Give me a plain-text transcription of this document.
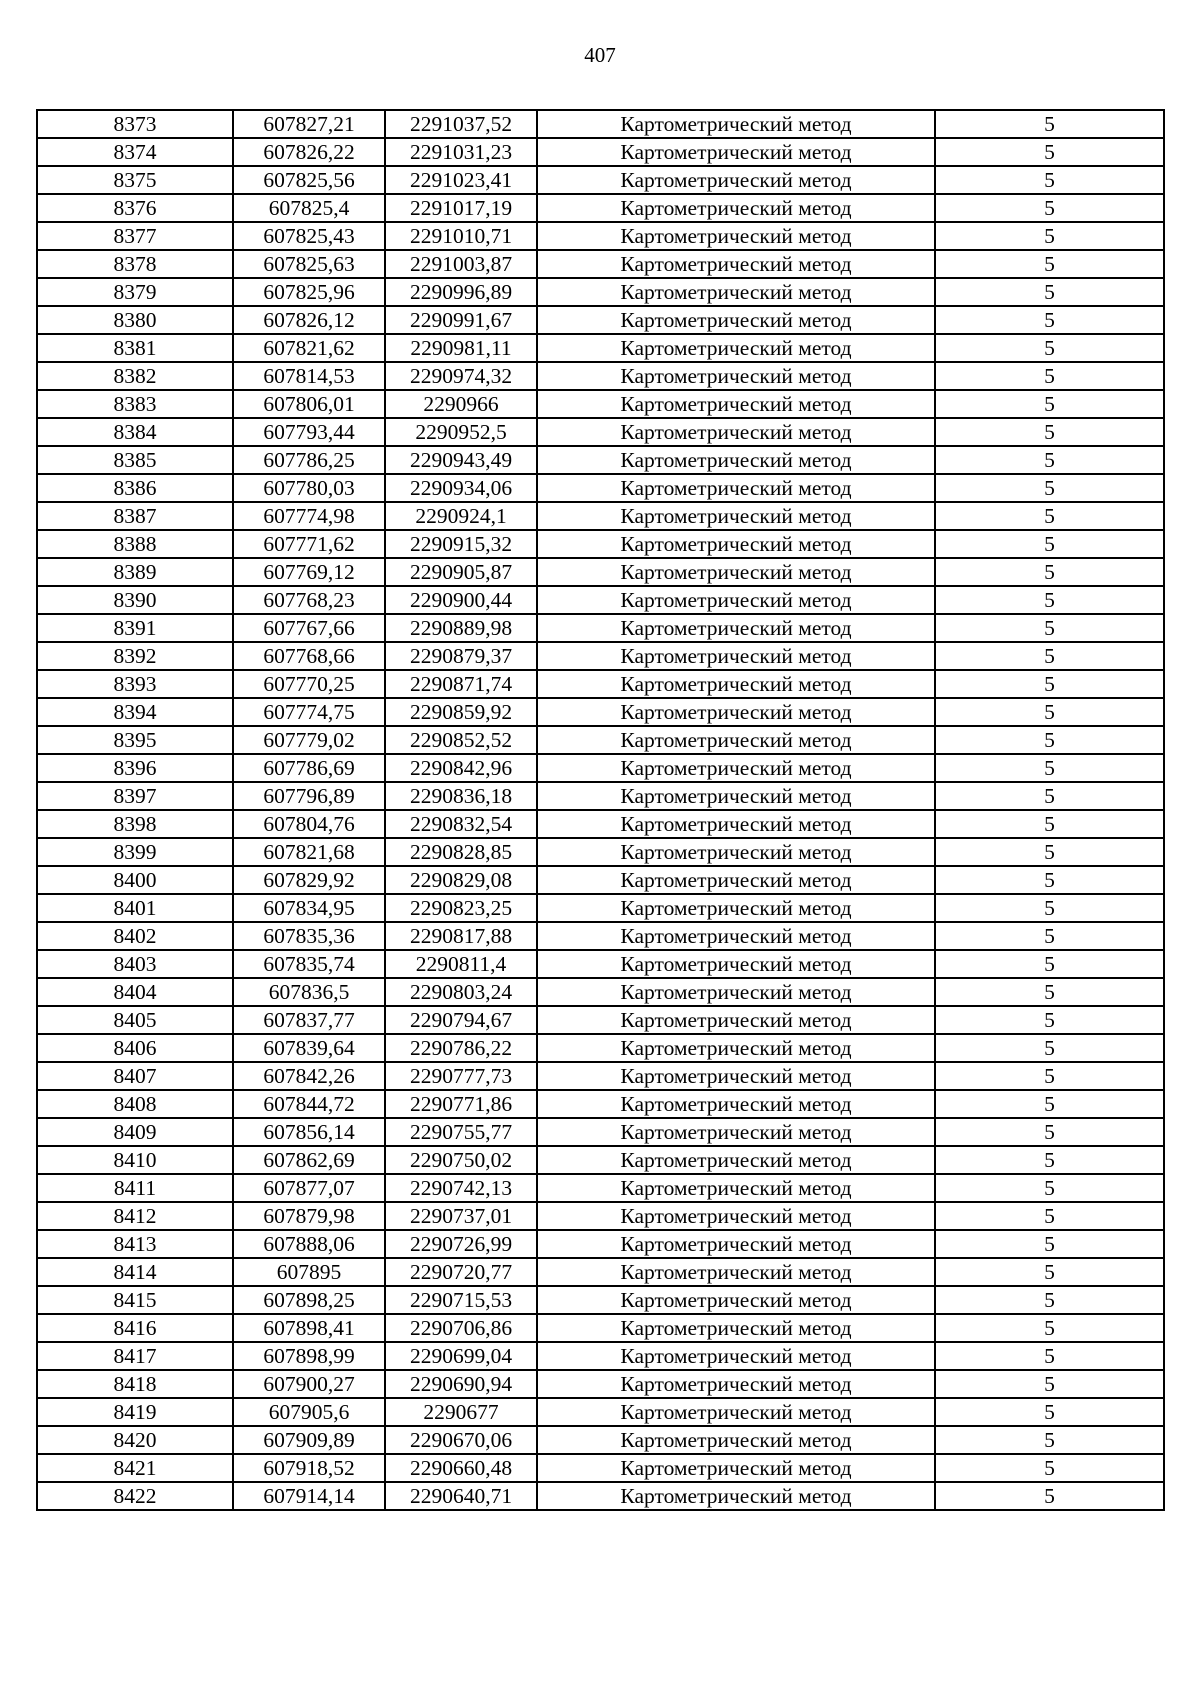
407
8373	607827,21	2291037,52	Картометрический метод	5
8374	607826,22	2291031,23	Картометрический метод	5
8375	607825,56	2291023,41	Картометрический метод	5
8376	607825,4	2291017,19	Картометрический метод	5
8377	607825,43	2291010,71	Картометрический метод	5
8378	607825,63	2291003,87	Картометрический метод	5
8379	607825,96	2290996,89	Картометрический метод	5
8380	607826,12	2290991,67	Картометрический метод	5
8381	607821,62	2290981,11	Картометрический метод	5
8382	607814,53	2290974,32	Картометрический метод	5
8383	607806,01	2290966	Картометрический метод	5
8384	607793,44	2290952,5	Картометрический метод	5
8385	607786,25	2290943,49	Картометрический метод	5
8386	607780,03	2290934,06	Картометрический метод	5
8387	607774,98	2290924,1	Картометрический метод	5
8388	607771,62	2290915,32	Картометрический метод	5
8389	607769,12	2290905,87	Картометрический метод	5
8390	607768,23	2290900,44	Картометрический метод	5
8391	607767,66	2290889,98	Картометрический метод	5
8392	607768,66	2290879,37	Картометрический метод	5
8393	607770,25	2290871,74	Картометрический метод	5
8394	607774,75	2290859,92	Картометрический метод	5
8395	607779,02	2290852,52	Картометрический метод	5
8396	607786,69	2290842,96	Картометрический метод	5
8397	607796,89	2290836,18	Картометрический метод	5
8398	607804,76	2290832,54	Картометрический метод	5
8399	607821,68	2290828,85	Картометрический метод	5
8400	607829,92	2290829,08	Картометрический метод	5
8401	607834,95	2290823,25	Картометрический метод	5
8402	607835,36	2290817,88	Картометрический метод	5
8403	607835,74	2290811,4	Картометрический метод	5
8404	607836,5	2290803,24	Картометрический метод	5
8405	607837,77	2290794,67	Картометрический метод	5
8406	607839,64	2290786,22	Картометрический метод	5
8407	607842,26	2290777,73	Картометрический метод	5
8408	607844,72	2290771,86	Картометрический метод	5
8409	607856,14	2290755,77	Картометрический метод	5
8410	607862,69	2290750,02	Картометрический метод	5
8411	607877,07	2290742,13	Картометрический метод	5
8412	607879,98	2290737,01	Картометрический метод	5
8413	607888,06	2290726,99	Картометрический метод	5
8414	607895	2290720,77	Картометрический метод	5
8415	607898,25	2290715,53	Картометрический метод	5
8416	607898,41	2290706,86	Картометрический метод	5
8417	607898,99	2290699,04	Картометрический метод	5
8418	607900,27	2290690,94	Картометрический метод	5
8419	607905,6	2290677	Картометрический метод	5
8420	607909,89	2290670,06	Картометрический метод	5
8421	607918,52	2290660,48	Картометрический метод	5
8422	607914,14	2290640,71	Картометрический метод	5
